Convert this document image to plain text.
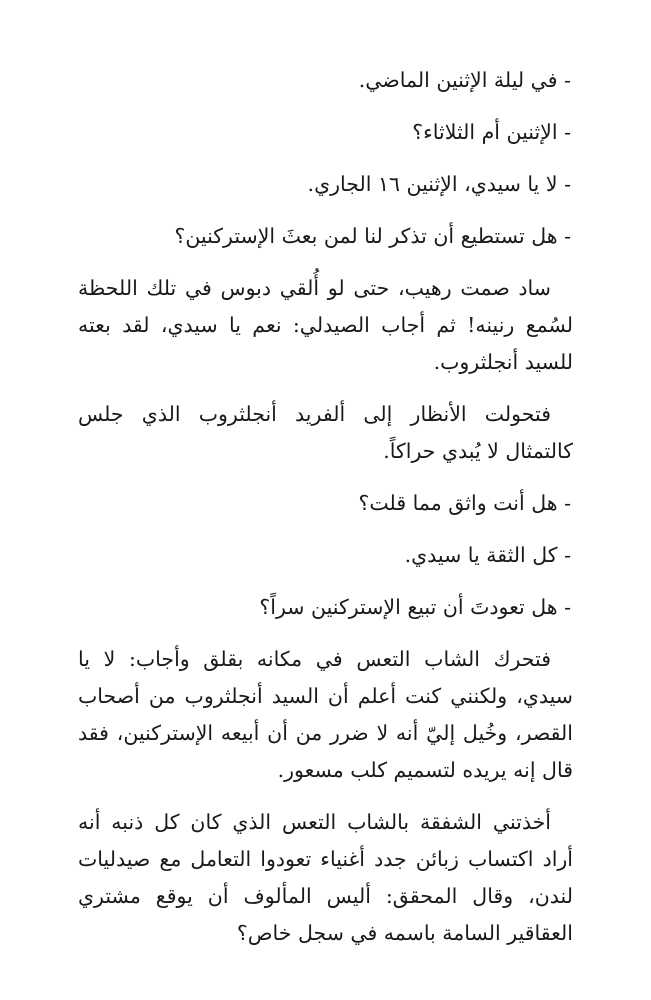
- في ليلة الإثنين الماضي.

- الإثنين أم الثلاثاء؟

- لا يا سيدي، الإثنين ١٦ الجاري.

- هل تستطيع أن تذكر لنا لمن بعثَ الإستركنين؟

ساد صمت رهيب، حتى لو أُلقي دبوس في تلك اللحظة لسُمع رنينه! ثم أجاب الصيدلي: نعم يا سيدي، لقد بعته للسيد أنجلثروب.

فتحولت الأنظار إلى ألفريد أنجلثروب الذي جلس كالتمثال لا يُبدي حراكاً.

- هل أنت واثق مما قلت؟

- كل الثقة يا سيدي.

- هل تعودتَ أن تبيع الإستركنين سراً؟

فتحرك الشاب التعس في مكانه بقلق وأجاب: لا يا سيدي، ولكنني كنت أعلم أن السيد أنجلثروب من أصحاب القصر، وخُيل إليّ أنه لا ضرر من أن أبيعه الإستركنين، فقد قال إنه يريده لتسميم كلب مسعور.

أخذتني الشفقة بالشاب التعس الذي كان كل ذنبه أنه أراد اكتساب زبائن جدد أغنياء تعودوا التعامل مع صيدليات لندن، وقال المحقق: أليس المألوف أن يوقع مشتري العقاقير السامة باسمه في سجل خاص؟
